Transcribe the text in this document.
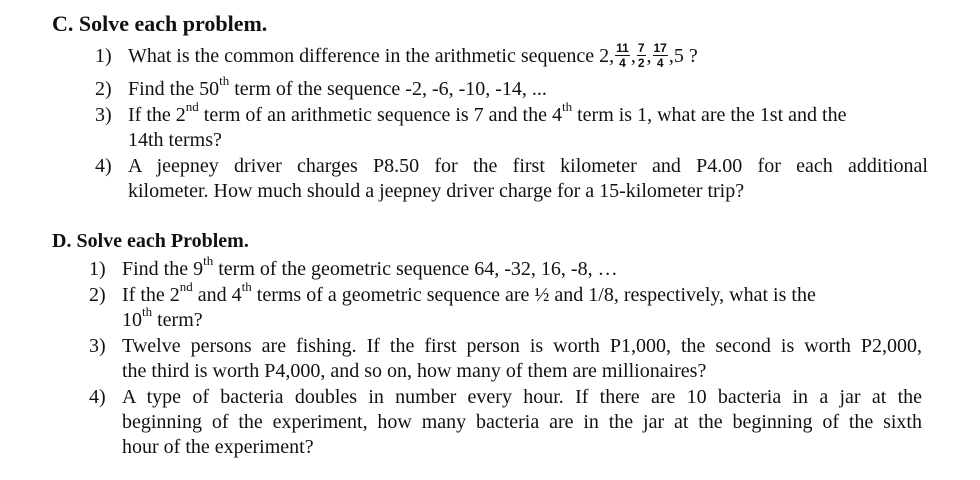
C. Solve each problem.
1) What is the common difference in the arithmetic sequence 2, $\frac{11}{4}$ , $\frac{7}{2}$ , $\frac{17}{4} ,5$ ?
2) Find the 50th term of the sequence -2, -6, -10, -14, ...
3) If the 2nd term of an arithmetic sequence is 7 and the 4th term is 1, what are the 1st and the
14th terms?
4) A jeepney driver charges P8.50 for the first kilometer and P4.00 for each additional
kilometer. How much should a jeepney driver charge for a 15-kilometer trip?
D. Solve each Problem.
1) Find the 9th term of the geometric sequence 64, -32, 16, -8, …
2) If the 2nd and 4th terms of a geometric sequence are ½ and 1/8, respectively, what is the
10th term?
3) Twelve persons are fishing. If the first person is worth P1,000, the second is worth P2,000,
the third is worth P4,000, and so on, how many of them are millionaires?
4) A type of bacteria doubles in number every hour. If there are 10 bacteria in a jar at the
beginning of the experiment, how many bacteria are in the jar at the beginning of the sixth
hour of the experiment?
